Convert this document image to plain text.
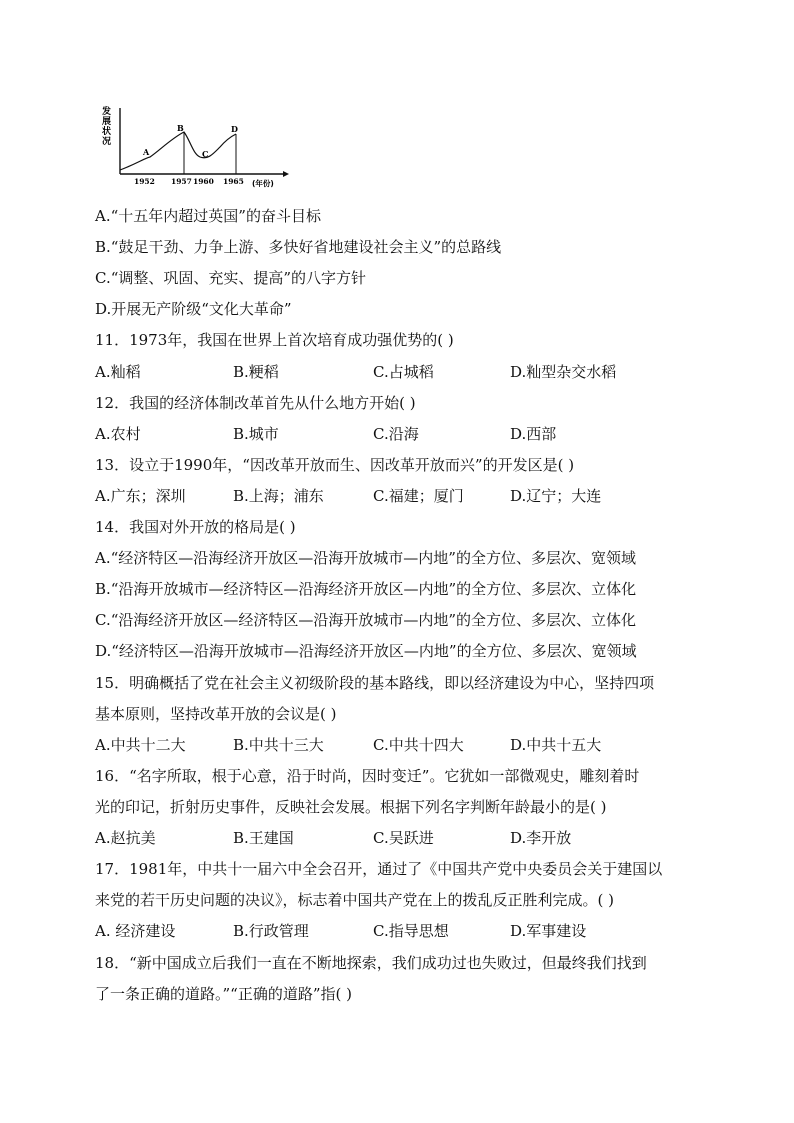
发 展 状 况
A
B
C
D
1952 1957 1960 1965 (年份)
A.“十五年内超过英国”的奋斗目标
B.“鼓足干劲、力争上游、多快好省地建设社会主义”的总路线
C.“调整、巩固、充实、提高”的八字方针
D.开展无产阶级“文化大革命”
11．1973年，我国在世界上首次培育成功强优势的( )
A.籼稻	B.粳稻	C.占城稻	D.籼型杂交水稻
12．我国的经济体制改革首先从什么地方开始( )
A.农村	B.城市	C.沿海	D.西部
13．设立于1990年，“因改革开放而生、因改革开放而兴”的开发区是( )
A.广东；深圳	B.上海；浦东	C.福建；厦门	D.辽宁；大连
14．我国对外开放的格局是( )
A.“经济特区—沿海经济开放区—沿海开放城市—内地”的全方位、多层次、宽领域
B.“沿海开放城市—经济特区—沿海经济开放区—内地”的全方位、多层次、立体化
C.“沿海经济开放区—经济特区—沿海开放城市—内地”的全方位、多层次、立体化
D.“经济特区—沿海开放城市—沿海经济开放区—内地”的全方位、多层次、宽领域
15．明确概括了党在社会主义初级阶段的基本路线，即以经济建设为中心，坚持四项
基本原则，坚持改革开放的会议是( )
A.中共十二大	B.中共十三大	C.中共十四大	D.中共十五大
16．“名字所取，根于心意，沿于时尚，因时变迁”。它犹如一部微观史，雕刻着时
光的印记，折射历史事件，反映社会发展。根据下列名字判断年龄最小的是( )
A.赵抗美	B.王建国	C.吴跃进	D.李开放
17．1981年，中共十一届六中全会召开，通过了《中国共产党中央委员会关于建国以
来党的若干历史问题的决议》，标志着中国共产党在上的拨乱反正胜利完成。( )
A. 经济建设	B.行政管理	C.指导思想	D.军事建设
18．“新中国成立后我们一直在不断地探索，我们成功过也失败过，但最终我们找到
了一条正确的道路。”“正确的道路”指( )
